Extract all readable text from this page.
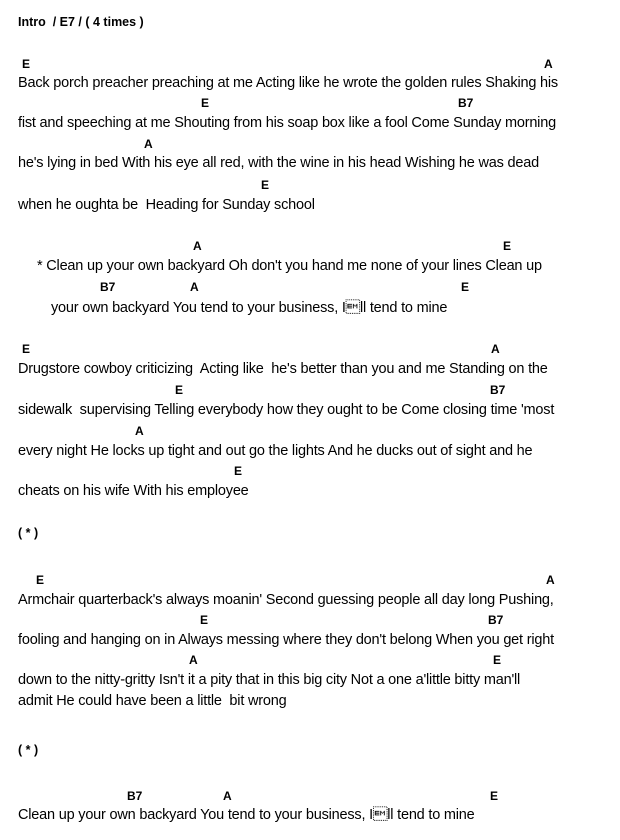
Intro  / E7 / ( 4 times )
E	A
Back porch preacher preaching at me Acting like he wrote the golden rules Shaking his
E	B7
fist and speeching at me Shouting from his soap box like a fool Come Sunday morning
A
he's lying in bed With his eye all red, with the wine in his head Wishing he was dead
E
when he oughta be  Heading for Sunday school
A	E
* Clean up your own backyard Oh don't you hand me none of your lines Clean up
B7	A	E
your own backyard You tend to your business, Ill tend to mine
E	A
Drugstore cowboy criticizing  Acting like  he's better than you and me Standing on the
E	B7
sidewalk  supervising Telling everybody how they ought to be Come closing time 'most
A
every night He locks up tight and out go the lights And he ducks out of sight and he
E
cheats on his wife With his employee
( * )
E	A
Armchair quarterback's always moanin' Second guessing people all day long Pushing,
E	B7
fooling and hanging on in Always messing where they don't belong When you get right
A	E
down to the nitty-gritty Isn't it a pity that in this big city Not a one a'little bitty man'll
admit He could have been a little  bit wrong
( * )
B7	A	E
Clean up your own backyard You tend to your business, Ill tend to mine
